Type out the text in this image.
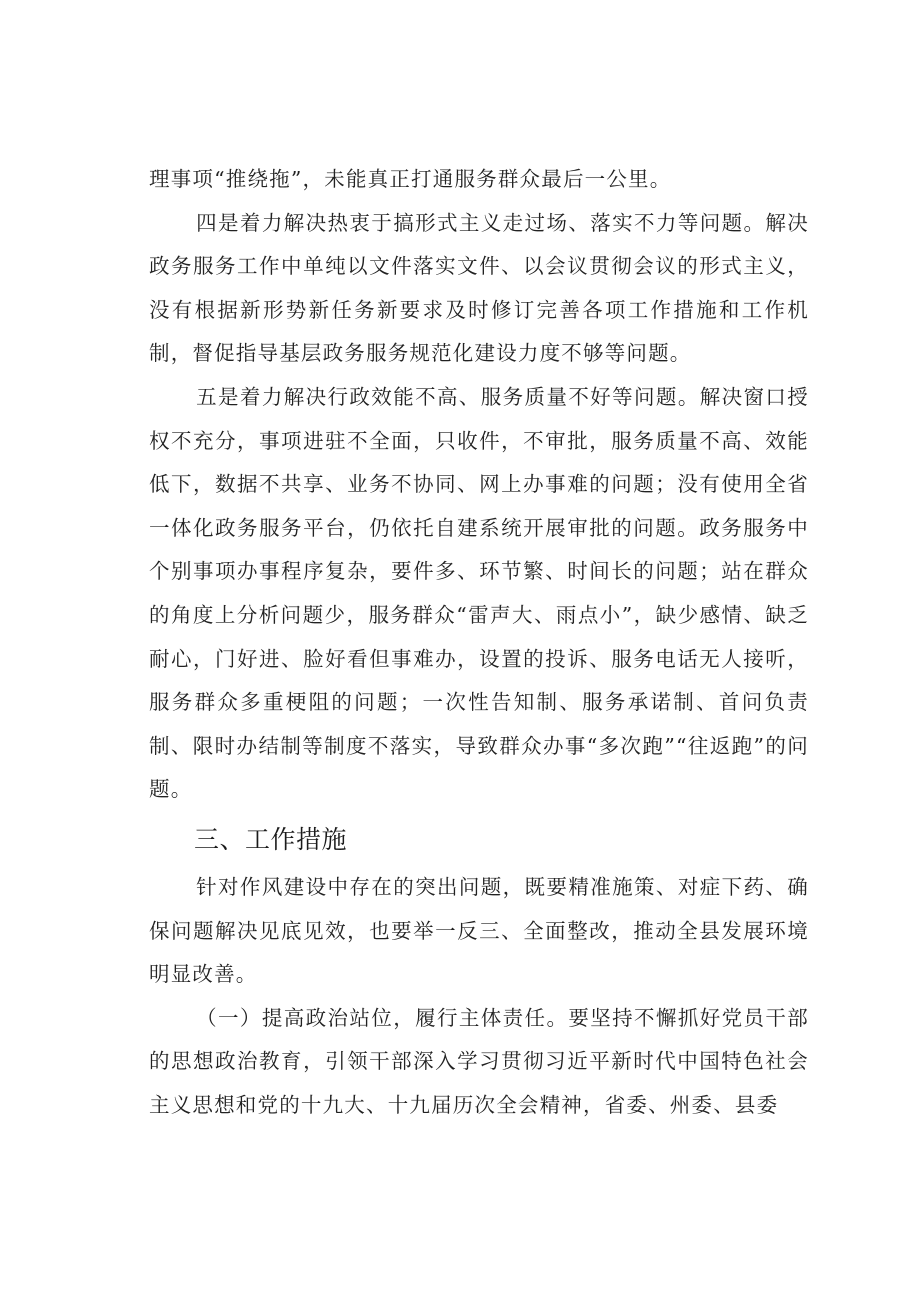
理事项“推绕拖”，未能真正打通服务群众最后一公里。

四是着力解决热衷于搞形式主义走过场、落实不力等问题。解决政务服务工作中单纯以文件落实文件、以会议贯彻会议的形式主义，没有根据新形势新任务新要求及时修订完善各项工作措施和工作机制，督促指导基层政务服务规范化建设力度不够等问题。

五是着力解决行政效能不高、服务质量不好等问题。解决窗口授权不充分，事项进驻不全面，只收件，不审批，服务质量不高、效能低下，数据不共享、业务不协同、网上办事难的问题；没有使用全省一体化政务服务平台，仍依托自建系统开展审批的问题。政务服务中个别事项办事程序复杂，要件多、环节繁、时间长的问题；站在群众的角度上分析问题少，服务群众“雷声大、雨点小”，缺少感情、缺乏耐心，门好进、脸好看但事难办，设置的投诉、服务电话无人接听，服务群众多重梗阻的问题；一次性告知制、服务承诺制、首问负责制、限时办结制等制度不落实，导致群众办事“多次跑”“往返跑”的问题。

三、工作措施

针对作风建设中存在的突出问题，既要精准施策、对症下药、确保问题解决见底见效，也要举一反三、全面整改，推动全县发展环境明显改善。

（一）提高政治站位，履行主体责任。要坚持不懈抓好党员干部的思想政治教育，引领干部深入学习贯彻习近平新时代中国特色社会主义思想和党的十九大、十九届历次全会精神，省委、州委、县委
